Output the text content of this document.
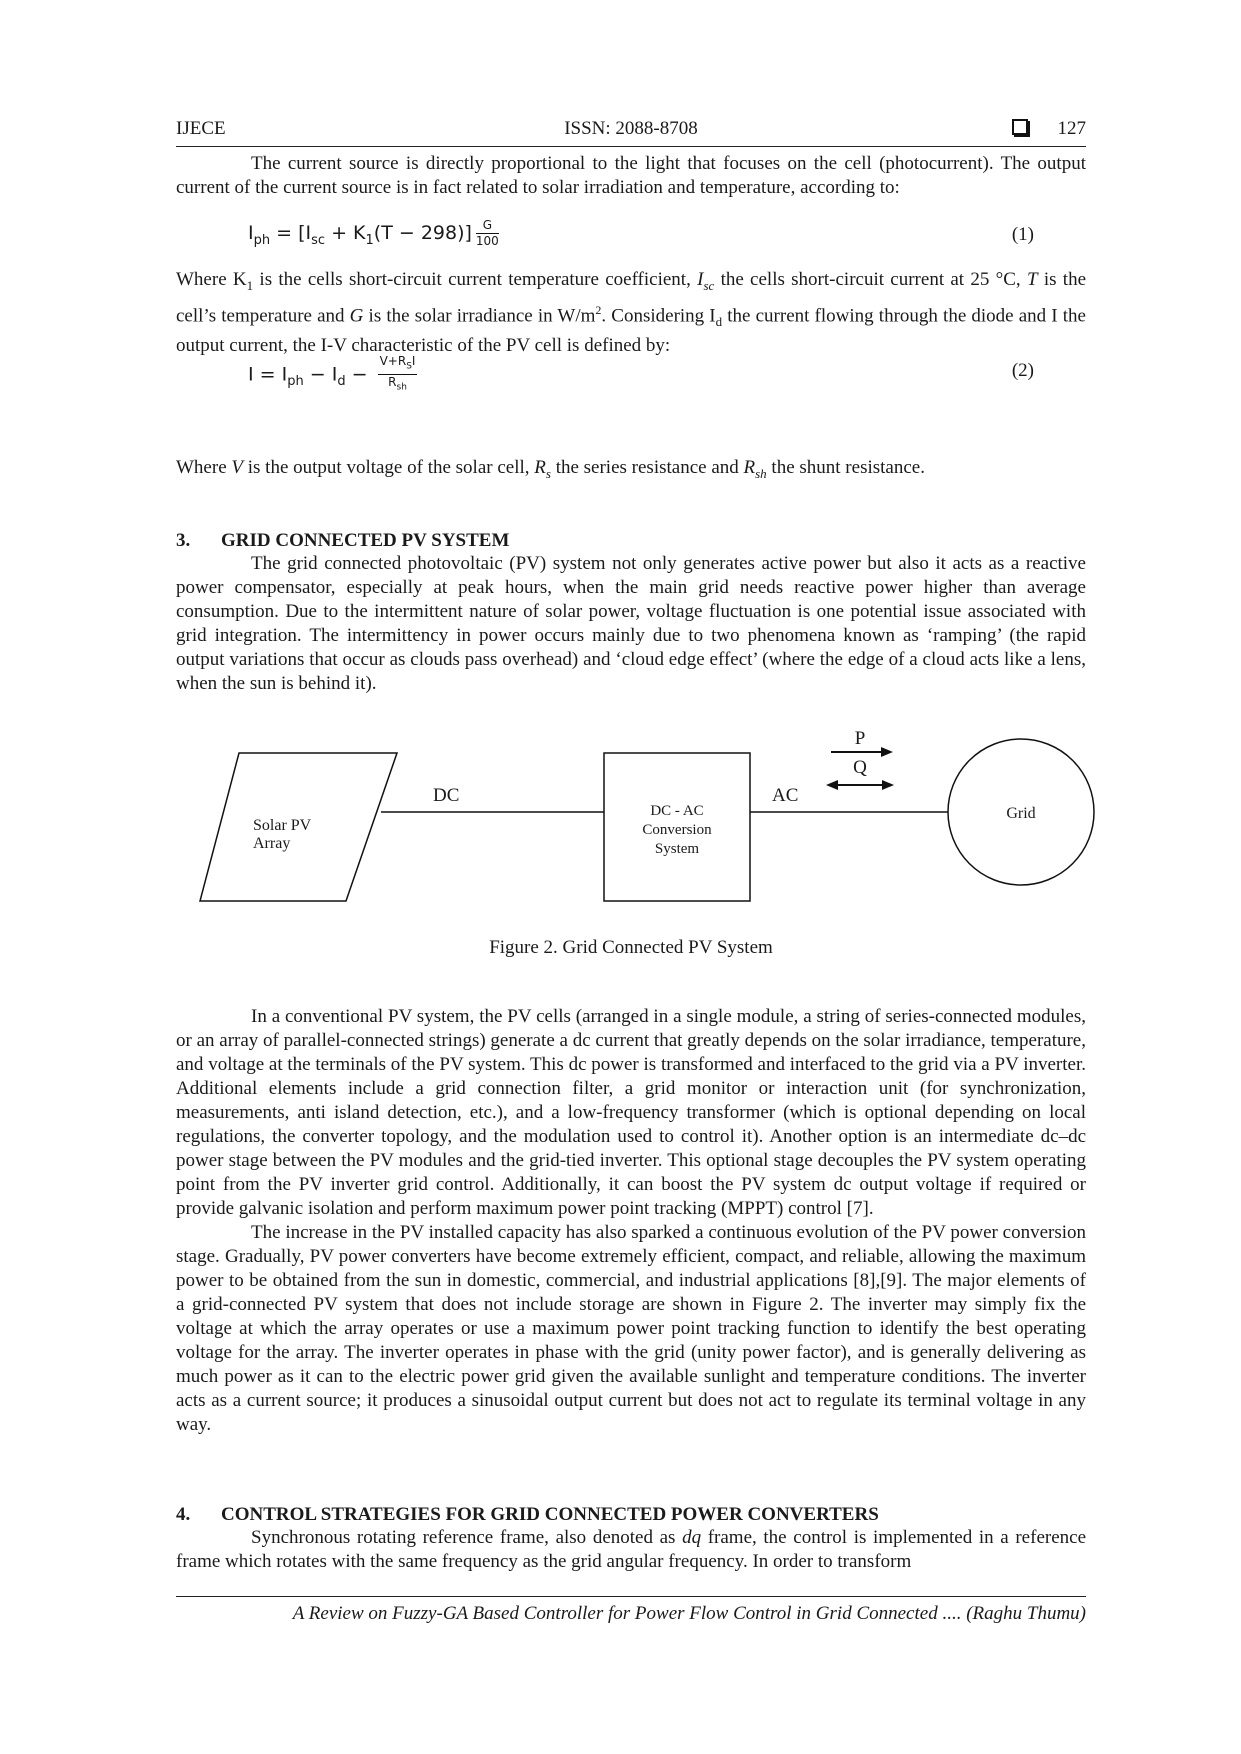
IJECE	ISSN: 2088-8708	127

The current source is directly proportional to the light that focuses on the cell (photocurrent). The output current of the current source is in fact related to solar irradiation and temperature, according to:

$I_{ph} = [I_{sc} + K_1(T - 298)] \frac{G}{100}$	(1)

Where $K_1$ is the cells short-circuit current temperature coefficient, $I_{sc}$ the cells short-circuit current at 25 °C, T is the cell’s temperature and G is the solar irradiance in $W/m^2$. Considering $I_d$ the current flowing through the diode and I the output current, the I-V characteristic of the PV cell is defined by:

$I = I_{ph} - I_d - \frac{V+R_SI}{R_{sh}}$	(2)

Where V is the output voltage of the solar cell, $R_s$ the series resistance and $R_{sh}$ the shunt resistance.

3. GRID CONNECTED PV SYSTEM

The grid connected photovoltaic (PV) system not only generates active power but also it acts as a reactive power compensator, especially at peak hours, when the main grid needs reactive power higher than average consumption. Due to the intermittent nature of solar power, voltage fluctuation is one potential issue associated with grid integration. The intermittency in power occurs mainly due to two phenomena known as ‘ramping’ (the rapid output variations that occur as clouds pass overhead) and ‘cloud edge effect’ (where the edge of a cloud acts like a lens, when the sun is behind it).

Solar PV
Array
DC
DC - AC
Conversion
System
AC
P
Q
Grid
Figure 2. Grid Connected PV System

In a conventional PV system, the PV cells (arranged in a single module, a string of series-connected modules, or an array of parallel-connected strings) generate a dc current that greatly depends on the solar irradiance, temperature, and voltage at the terminals of the PV system. This dc power is transformed and interfaced to the grid via a PV inverter. Additional elements include a grid connection filter, a grid monitor or interaction unit (for synchronization, measurements, anti island detection, etc.), and a low-frequency transformer (which is optional depending on local regulations, the converter topology, and the modulation used to control it). Another option is an intermediate dc–dc power stage between the PV modules and the grid-tied inverter. This optional stage decouples the PV system operating point from the PV inverter grid control. Additionally, it can boost the PV system dc output voltage if required or provide galvanic isolation and perform maximum power point tracking (MPPT) control [7].

The increase in the PV installed capacity has also sparked a continuous evolution of the PV power conversion stage. Gradually, PV power converters have become extremely efficient, compact, and reliable, allowing the maximum power to be obtained from the sun in domestic, commercial, and industrial applications [8],[9]. The major elements of a grid-connected PV system that does not include storage are shown in Figure 2. The inverter may simply fix the voltage at which the array operates or use a maximum power point tracking function to identify the best operating voltage for the array. The inverter operates in phase with the grid (unity power factor), and is generally delivering as much power as it can to the electric power grid given the available sunlight and temperature conditions. The inverter acts as a current source; it produces a sinusoidal output current but does not act to regulate its terminal voltage in any way.

4. CONTROL STRATEGIES FOR GRID CONNECTED POWER CONVERTERS

Synchronous rotating reference frame, also denoted as dq frame, the control is implemented in a reference frame which rotates with the same frequency as the grid angular frequency. In order to transform

A Review on Fuzzy-GA Based Controller for Power Flow Control in Grid Connected .... (Raghu Thumu)
